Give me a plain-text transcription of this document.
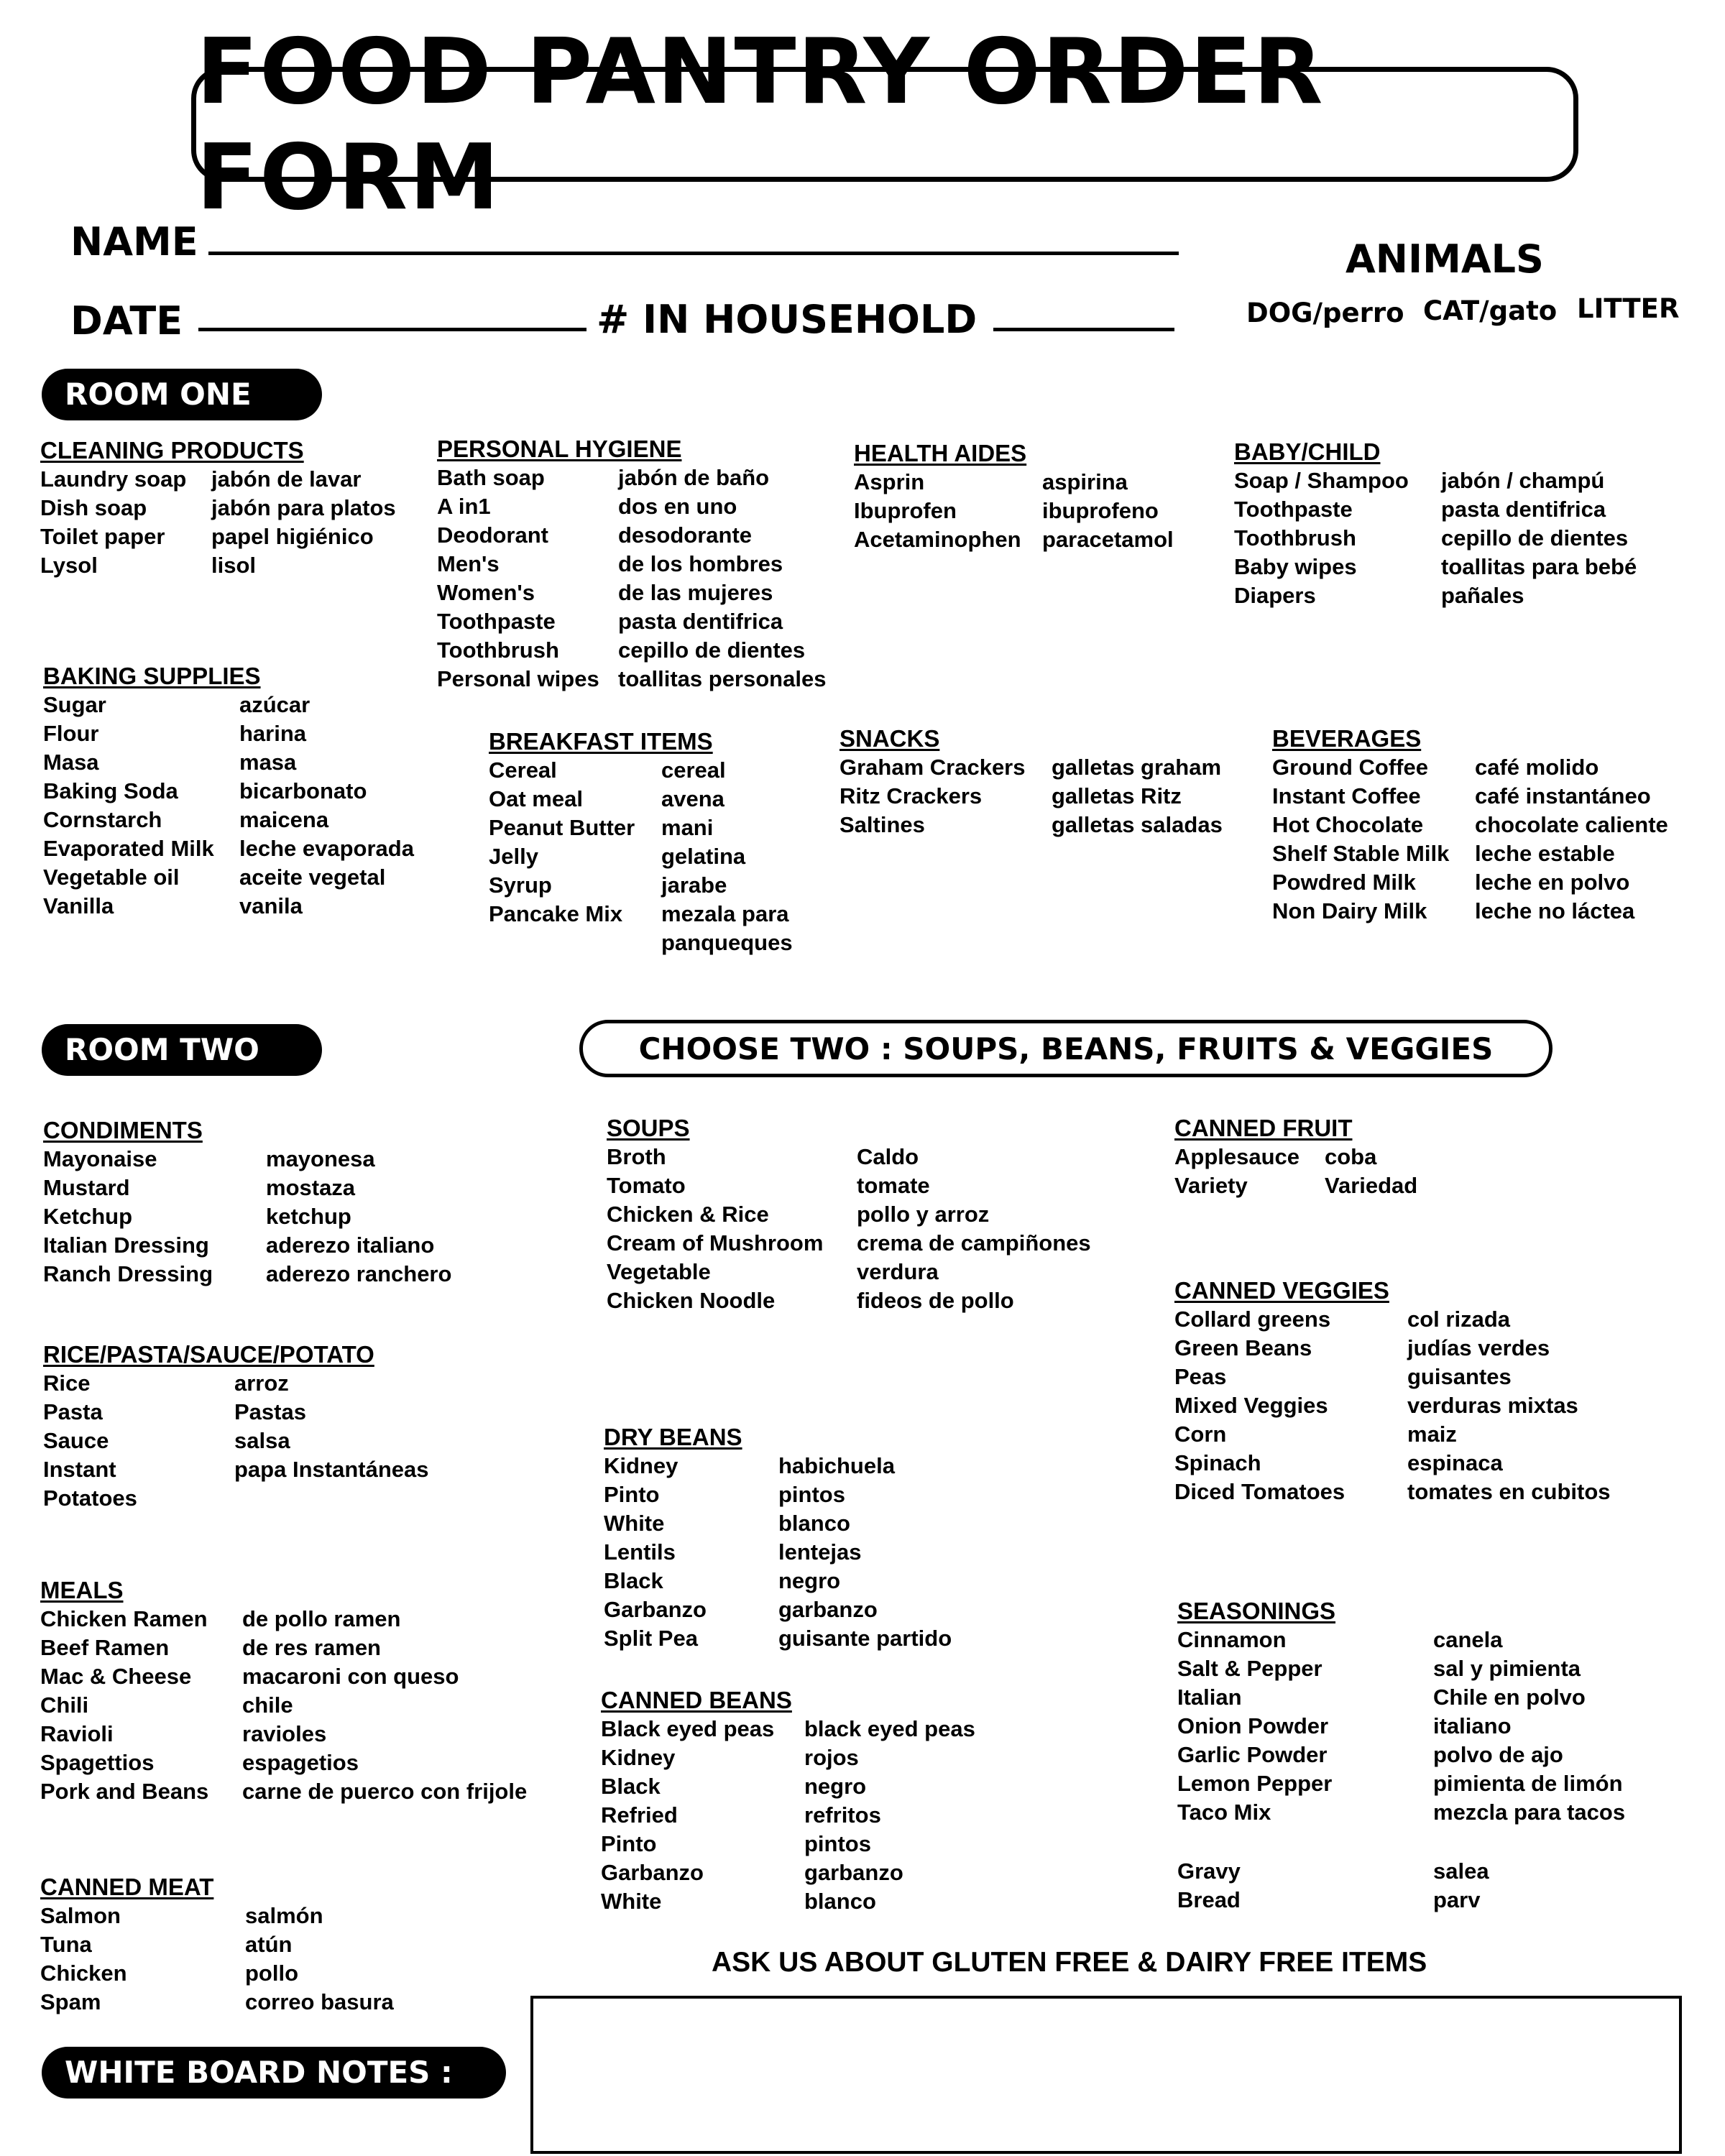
FOOD PANTRY ORDER FORM
NAME
DATE	# IN HOUSEHOLD
ANIMALS
DOG/perro CAT/gato LITTER
ROOM ONE
CLEANING PRODUCTS
Laundry soap	jabón de lavar
Dish soap	jabón para platos
Toilet paper	papel higiénico
Lysol	lisol
PERSONAL HYGIENE
Bath soap	jabón de baño
A in1	dos en uno
Deodorant	desodorante
Men's	de los hombres
Women's	de las mujeres
Toothpaste	pasta dentifrica
Toothbrush	cepillo de dientes
Personal wipes toallitas personales
HEALTH AIDES
Asprin	aspirina
Ibuprofen	ibuprofeno
Acetaminophen paracetamol
BABY/CHILD
Soap / Shampoo	jabón / champú
Toothpaste	pasta dentifrica
Toothbrush	cepillo de dientes
Baby wipes	toallitas para bebé
Diapers	pañales
BAKING SUPPLIES
Sugar	azúcar
Flour	harina
Masa	masa
Baking Soda	bicarbonato
Cornstarch	maicena
Evaporated Milk	leche evaporada
Vegetable oil	aceite vegetal
Vanilla	vanila
BREAKFAST ITEMS
Cereal	cereal
Oat meal	avena
Peanut Butter	mani
Jelly	gelatina
Syrup	jarabe
Pancake Mix	mezala para
panqueques
SNACKS
Graham Crackers	galletas graham
Ritz Crackers	galletas Ritz
Saltines	galletas saladas
BEVERAGES
Ground Coffee	café molido
Instant Coffee	café instantáneo
Hot Chocolate	chocolate caliente
Shelf Stable Milk	leche estable
Powdred Milk	leche en polvo
Non Dairy Milk	leche no láctea
ROOM TWO	CHOOSE TWO : SOUPS, BEANS, FRUITS & VEGGIES
CONDIMENTS
Mayonaise	mayonesa
Mustard	mostaza
Ketchup	ketchup
Italian Dressing	aderezo italiano
Ranch Dressing	aderezo ranchero
RICE/PASTA/SAUCE/POTATO
Rice	arroz
Pasta	Pastas
Sauce	salsa
Instant	papa Instantáneas
Potatoes
MEALS
Chicken Ramen	de pollo ramen
Beef Ramen	de res ramen
Mac & Cheese	macaroni con queso
Chili	chile
Ravioli	ravioles
Spagettios	espagetios
Pork and Beans	carne de puerco con frijole
CANNED MEAT
Salmon	salmón
Tuna	atún
Chicken	pollo
Spam	correo basura
SOUPS
Broth	Caldo
Tomato	tomate
Chicken & Rice	pollo y arroz
Cream of Mushroom	crema de campiñones
Vegetable	verdura
Chicken Noodle	fideos de pollo
DRY BEANS
Kidney	habichuela
Pinto	pintos
White	blanco
Lentils	lentejas
Black	negro
Garbanzo	garbanzo
Split Pea	guisante partido
CANNED BEANS
Black eyed peas	black eyed peas
Kidney	rojos
Black	negro
Refried	refritos
Pinto	pintos
Garbanzo	garbanzo
White	blanco
CANNED FRUIT
Applesauce	coba
Variety	Variedad
CANNED VEGGIES
Collard greens	col rizada
Green Beans	judías verdes
Peas	guisantes
Mixed Veggies	verduras mixtas
Corn	maiz
Spinach	espinaca
Diced Tomatoes	tomates en cubitos
SEASONINGS
Cinnamon	canela
Salt & Pepper	sal y pimienta
Italian	Chile en polvo
Onion Powder	italiano
Garlic Powder	polvo de ajo
Lemon Pepper	pimienta de limón
Taco Mix	mezcla para tacos
Gravy	salea
Bread	parv
ASK US ABOUT GLUTEN FREE & DAIRY FREE ITEMS
WHITE BOARD NOTES :
